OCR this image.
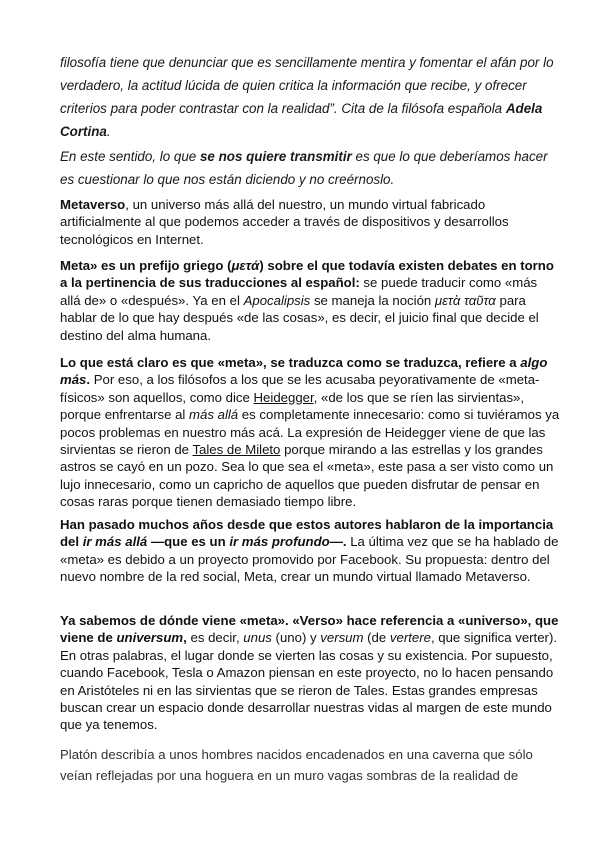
filosofía tiene que denunciar que es sencillamente mentira y fomentar el afán por lo verdadero, la actitud lúcida de quien critica la información que recibe, y ofrecer criterios para poder contrastar con la realidad”. Cita de la filósofa española Adela Cortina.

En este sentido, lo que se nos quiere transmitir es que lo que deberíamos hacer es cuestionar lo que nos están diciendo y no creérnoslo.

Metaverso, un universo más allá del nuestro, un mundo virtual fabricado artificialmente al que podemos acceder a través de dispositivos y desarrollos tecnológicos en Internet.

Meta» es un prefijo griego (μετά) sobre el que todavía existen debates en torno a la pertinencia de sus traducciones al español: se puede traducir como «más allá de» o «después». Ya en el Apocalipsis se maneja la noción μετὰ ταῦτα para hablar de lo que hay después «de las cosas», es decir, el juicio final que decide el destino del alma humana.

Lo que está claro es que «meta», se traduzca como se traduzca, refiere a algo más. Por eso, a los filósofos a los que se les acusaba peyorativamente de «meta-físicos» son aquellos, como dice Heidegger, «de los que se ríen las sirvientas», porque enfrentarse al más allá es completamente innecesario: como si tuviéramos ya pocos problemas en nuestro más acá. La expresión de Heidegger viene de que las sirvientas se rieron de Tales de Mileto porque mirando a las estrellas y los grandes astros se cayó en un pozo. Sea lo que sea el «meta», este pasa a ser visto como un lujo innecesario, como un capricho de aquellos que pueden disfrutar de pensar en cosas raras porque tienen demasiado tiempo libre.

Han pasado muchos años desde que estos autores hablaron de la importancia del ir más allá —que es un ir más profundo—. La última vez que se ha hablado de «meta» es debido a un proyecto promovido por Facebook. Su propuesta: dentro del nuevo nombre de la red social, Meta, crear un mundo virtual llamado Metaverso.

Ya sabemos de dónde viene «meta». «Verso» hace referencia a «universo», que viene de universum, es decir, unus (uno) y versum (de vertere, que significa verter). En otras palabras, el lugar donde se vierten las cosas y su existencia. Por supuesto, cuando Facebook, Tesla o Amazon piensan en este proyecto, no lo hacen pensando en Aristóteles ni en las sirvientas que se rieron de Tales. Estas grandes empresas buscan crear un espacio donde desarrollar nuestras vidas al margen de este mundo que ya tenemos.

Platón describía a unos hombres nacidos encadenados en una caverna que sólo veían reflejadas por una hoguera en un muro vagas sombras de la realidad de
